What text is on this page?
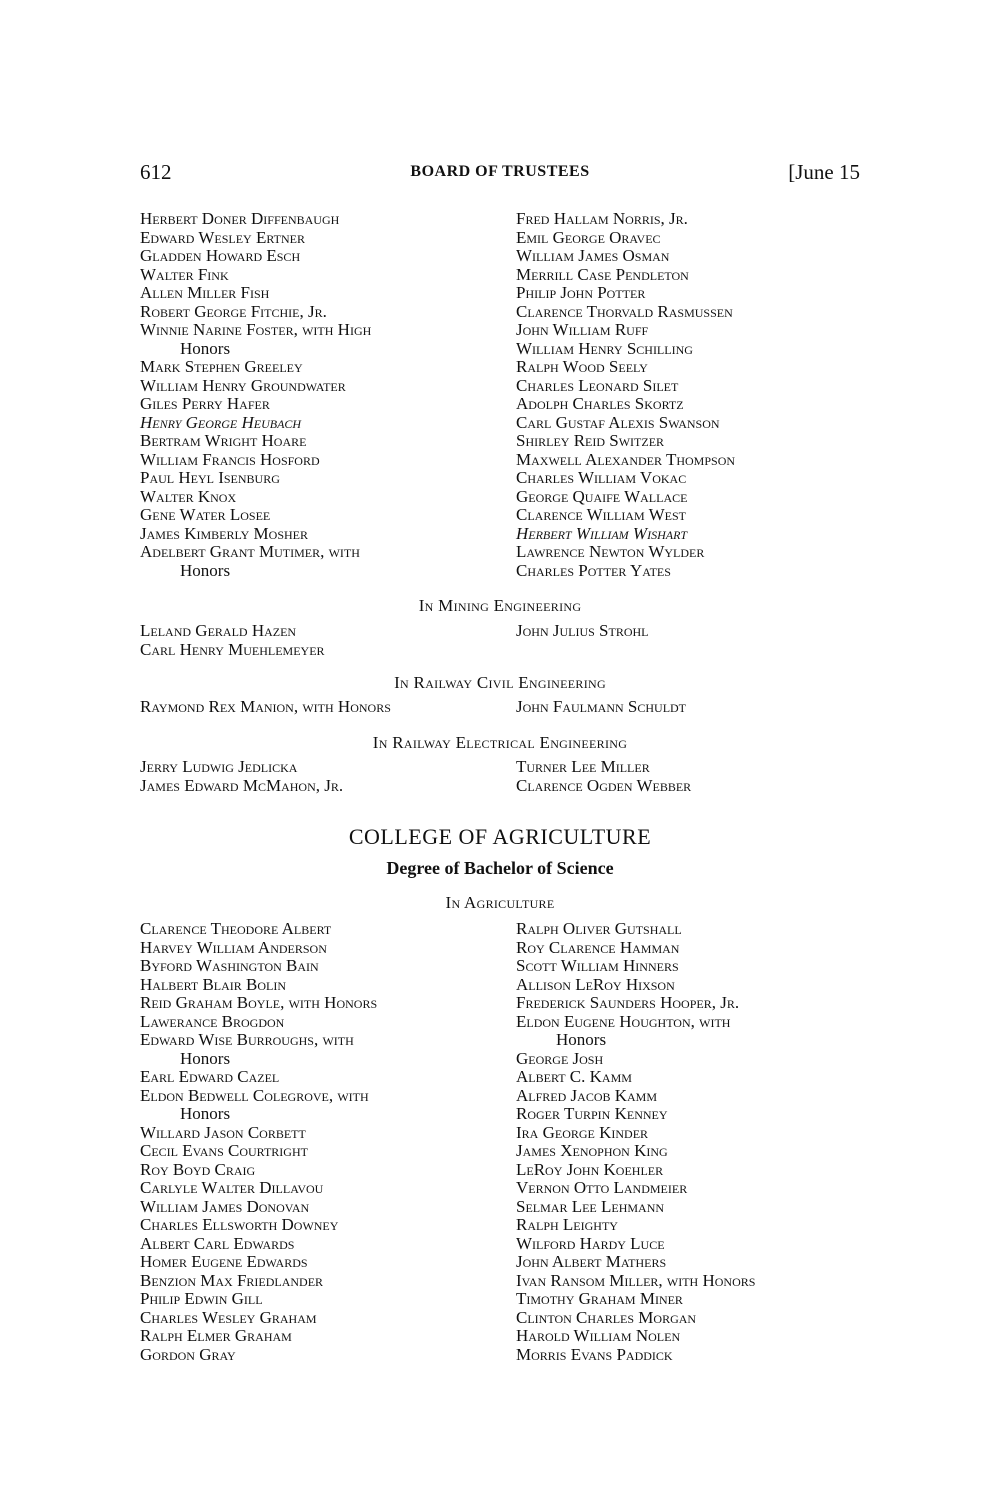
612	BOARD OF TRUSTEES	[June 15
Herbert Doner Diffenbaugh
Edward Wesley Ertner
Gladden Howard Esch
Walter Fink
Allen Miller Fish
Robert George Fitchie, Jr.
Winnie Narine Foster, with High
Honors
Mark Stephen Greeley
William Henry Groundwater
Giles Perry Hafer
Henry George Heubach
Bertram Wright Hoare
William Francis Hosford
Paul Heyl Isenburg
Walter Knox
Gene Water Losee
James Kimberly Mosher
Adelbert Grant Mutimer, with
Honors
Fred Hallam Norris, Jr.
Emil George Oravec
William James Osman
Merrill Case Pendleton
Philip John Potter
Clarence Thorvald Rasmussen
John William Ruff
William Henry Schilling
Ralph Wood Seely
Charles Leonard Silet
Adolph Charles Skortz
Carl Gustaf Alexis Swanson
Shirley Reid Switzer
Maxwell Alexander Thompson
Charles William Vokac
George Quaife Wallace
Clarence William West
Herbert William Wishart
Lawrence Newton Wylder
Charles Potter Yates
In Mining Engineering
Leland Gerald Hazen
Carl Henry Muehlemeyer
John Julius Strohl
In Railway Civil Engineering
Raymond Rex Manion, with Honors	John Faulmann Schuldt
In Railway Electrical Engineering
Jerry Ludwig Jedlicka
James Edward McMahon, Jr.
Turner Lee Miller
Clarence Ogden Webber
COLLEGE OF AGRICULTURE
Degree of Bachelor of Science
In Agriculture
Clarence Theodore Albert
Harvey William Anderson
Byford Washington Bain
Halbert Blair Bolin
Reid Graham Boyle, with Honors
Lawerance Brogdon
Edward Wise Burroughs, with
Honors
Earl Edward Cazel
Eldon Bedwell Colegrove, with
Honors
Willard Jason Corbett
Cecil Evans Courtright
Roy Boyd Craig
Carlyle Walter Dillavou
William James Donovan
Charles Ellsworth Downey
Albert Carl Edwards
Homer Eugene Edwards
Benzion Max Friedlander
Philip Edwin Gill
Charles Wesley Graham
Ralph Elmer Graham
Gordon Gray
Ralph Oliver Gutshall
Roy Clarence Hamman
Scott William Hinners
Allison LeRoy Hixson
Frederick Saunders Hooper, Jr.
Eldon Eugene Houghton, with
Honors
George Josh
Albert C. Kamm
Alfred Jacob Kamm
Roger Turpin Kenney
Ira George Kinder
James Xenophon King
LeRoy John Koehler
Vernon Otto Landmeier
Selmar Lee Lehmann
Ralph Leighty
Wilford Hardy Luce
John Albert Mathers
Ivan Ransom Miller, with Honors
Timothy Graham Miner
Clinton Charles Morgan
Harold William Nolen
Morris Evans Paddick
